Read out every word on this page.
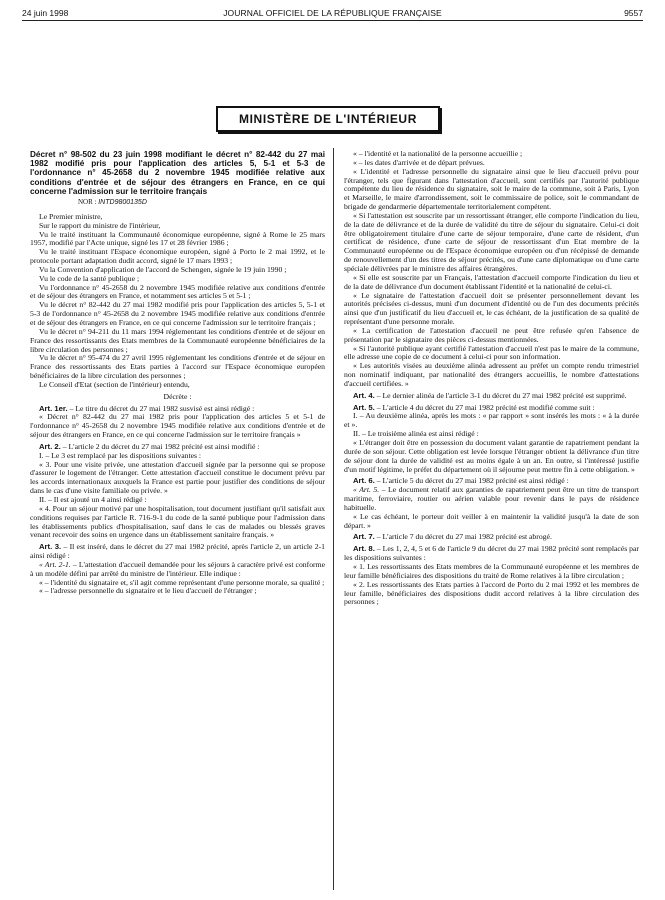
24 juin 1998	JOURNAL OFFICIEL DE LA RÉPUBLIQUE FRANÇAISE	9557
MINISTÈRE DE L'INTÉRIEUR

Décret n° 98-502 du 23 juin 1998 modifiant le décret n° 82-442 du 27 mai 1982 modifié pris pour l'application des articles 5, 5-1 et 5-3 de l'ordonnance n° 45-2658 du 2 novembre 1945 modifiée relative aux conditions d'entrée et de séjour des étrangers en France, en ce qui concerne l'admission sur le territoire français

NOR : INTD9800135D

Le Premier ministre,

Sur le rapport du ministre de l'intérieur,

Vu le traité instituant la Communauté économique européenne, signé à Rome le 25 mars 1957, modifié par l'Acte unique, signé les 17 et 28 février 1986 ;

Vu le traité instituant l'Espace économique européen, signé à Porto le 2 mai 1992, et le protocole portant adaptation dudit accord, signé le 17 mars 1993 ;

Vu la Convention d'application de l'accord de Schengen, signée le 19 juin 1990 ;

Vu le code de la santé publique ;

Vu l'ordonnance n° 45-2658 du 2 novembre 1945 modifiée relative aux conditions d'entrée et de séjour des étrangers en France, et notamment ses articles 5 et 5-1 ;

Vu le décret n° 82-442 du 27 mai 1982 modifié pris pour l'application des articles 5, 5-1 et 5-3 de l'ordonnance n° 45-2658 du 2 novembre 1945 modifiée relative aux conditions d'entrée et de séjour des étrangers en France, en ce qui concerne l'admission sur le territoire français ;

Vu le décret n° 94-211 du 11 mars 1994 réglementant les conditions d'entrée et de séjour en France des ressortissants des Etats membres de la Communauté européenne bénéficiaires de la libre circulation des personnes ;

Vu le décret n° 95-474 du 27 avril 1995 réglementant les conditions d'entrée et de séjour en France des ressortissants des Etats parties à l'accord sur l'Espace économique européen bénéficiaires de la libre circulation des personnes ;

Le Conseil d'Etat (section de l'intérieur) entendu,

Décrète :

Art. 1er. – Le titre du décret du 27 mai 1982 susvisé est ainsi rédigé :

« Décret n° 82-442 du 27 mai 1982 pris pour l'application des articles 5 et 5-1 de l'ordonnance n° 45-2658 du 2 novembre 1945 modifiée relative aux conditions d'entrée et de séjour des étrangers en France, en ce qui concerne l'admission sur le territoire français »

Art. 2. – L'article 2 du décret du 27 mai 1982 précité est ainsi modifié :

I. – Le 3 est remplacé par les dispositions suivantes :

« 3. Pour une visite privée, une attestation d'accueil signée par la personne qui se propose d'assurer le logement de l'étranger. Cette attestation d'accueil constitue le document prévu par les accords internationaux auxquels la France est partie pour justifier des conditions de séjour dans le cas d'une visite familiale ou privée. »

II. – Il est ajouté un 4 ainsi rédigé :

« 4. Pour un séjour motivé par une hospitalisation, tout document justifiant qu'il satisfait aux conditions requises par l'article R. 716-9-1 du code de la santé publique pour l'admission dans les établissements publics d'hospitalisation, sauf dans le cas de malades ou blessés graves venant recevoir des soins en urgence dans un établissement sanitaire français. »

Art. 3. – Il est inséré, dans le décret du 27 mai 1982 précité, après l'article 2, un article 2-1 ainsi rédigé :

« Art. 2-1. – L'attestation d'accueil demandée pour les séjours à caractère privé est conforme à un modèle défini par arrêté du ministre de l'intérieur. Elle indique :

« – l'identité du signataire et, s'il agit comme représentant d'une personne morale, sa qualité ;

« – l'adresse personnelle du signataire et le lieu d'accueil de l'étranger ;

« – l'identité et la nationalité de la personne accueillie ;

« – les dates d'arrivée et de départ prévues.

« L'identité et l'adresse personnelle du signataire ainsi que le lieu d'accueil prévu pour l'étranger, tels que figurant dans l'attestation d'accueil, sont certifiés par l'autorité publique compétente du lieu de résidence du signataire, soit le maire de la commune, soit à Paris, Lyon et Marseille, le maire d'arrondissement, soit le commissaire de police, soit le commandant de brigade de gendarmerie départementale territorialement compétent.

« Si l'attestation est souscrite par un ressortissant étranger, elle comporte l'indication du lieu, de la date de délivrance et de la durée de validité du titre de séjour du signataire. Celui-ci doit être obligatoirement titulaire d'une carte de séjour temporaire, d'une carte de résident, d'un certificat de résidence, d'une carte de séjour de ressortissant d'un Etat membre de la Communauté européenne ou de l'Espace économique européen ou d'un récépissé de demande de renouvellement d'un des titres de séjour précités, ou d'une carte diplomatique ou d'une carte spéciale délivrées par le ministre des affaires étrangères.

« Si elle est souscrite par un Français, l'attestation d'accueil comporte l'indication du lieu et de la date de délivrance d'un document établissant l'identité et la nationalité de celui-ci.

« Le signataire de l'attestation d'accueil doit se présenter personnellement devant les autorités précisées ci-dessus, muni d'un document d'identité ou de l'un des documents précités ainsi que d'un justificatif du lieu d'accueil et, le cas échéant, de la justification de sa qualité de représentant d'une personne morale.

« La certification de l'attestation d'accueil ne peut être refusée qu'en l'absence de présentation par le signataire des pièces ci-dessus mentionnées.

« Si l'autorité publique ayant certifié l'attestation d'accueil n'est pas le maire de la commune, elle adresse une copie de ce document à celui-ci pour son information.

« Les autorités visées au deuxième alinéa adressent au préfet un compte rendu trimestriel non nominatif indiquant, par nationalité des étrangers accueillis, le nombre d'attestations d'accueil certifiées. »

Art. 4. – Le dernier alinéa de l'article 3-1 du décret du 27 mai 1982 précité est supprimé.

Art. 5. – L'article 4 du décret du 27 mai 1982 précité est modifié comme suit :

I. – Au deuxième alinéa, après les mots : « par rapport » sont insérés les mots : « à la durée et ».

II. – Le troisième alinéa est ainsi rédigé :

« L'étranger doit être en possession du document valant garantie de rapatriement pendant la durée de son séjour. Cette obligation est levée lorsque l'étranger obtient la délivrance d'un titre de séjour dont la durée de validité est au moins égale à un an. En outre, si l'intéressé justifie d'un motif légitime, le préfet du département où il séjourne peut mettre fin à cette obligation. »

Art. 6. – L'article 5 du décret du 27 mai 1982 précité est ainsi rédigé :

« Art. 5. – Le document relatif aux garanties de rapatriement peut être un titre de transport maritime, ferroviaire, routier ou aérien valable pour revenir dans le pays de résidence habituelle.

« Le cas échéant, le porteur doit veiller à en maintenir la validité jusqu'à la date de son départ. »

Art. 7. – L'article 7 du décret du 27 mai 1982 précité est abrogé.

Art. 8. – Les 1, 2, 4, 5 et 6 de l'article 9 du décret du 27 mai 1982 précité sont remplacés par les dispositions suivantes :

« 1. Les ressortissants des Etats membres de la Communauté européenne et les membres de leur famille bénéficiaires des dispositions du traité de Rome relatives à la libre circulation ;

« 2. Les ressortissants des Etats parties à l'accord de Porto du 2 mai 1992 et les membres de leur famille, bénéficiaires des dispositions dudit accord relatives à la libre circulation des personnes ;
